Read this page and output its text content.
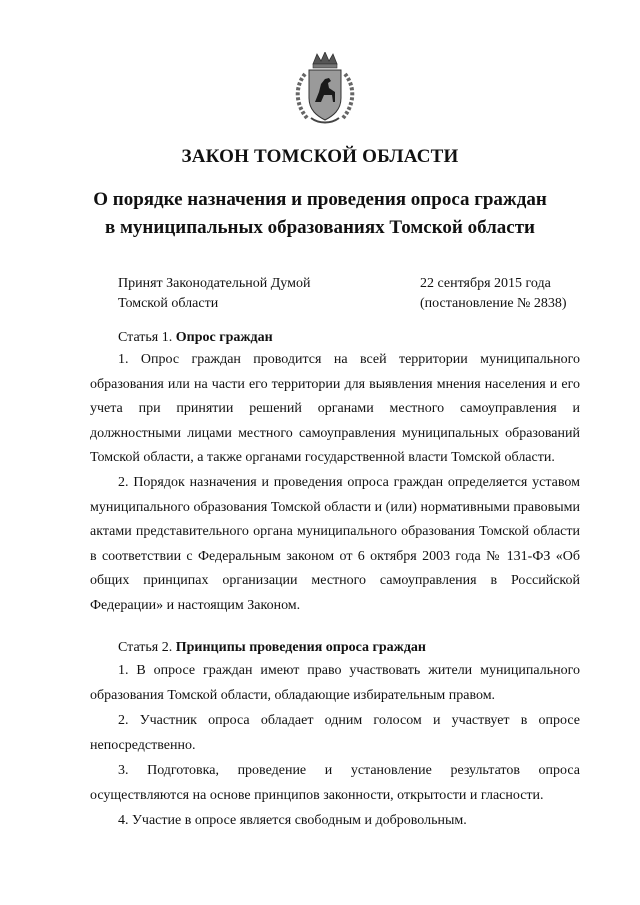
ЗАКОН ТОМСКОЙ ОБЛАСТИ
О порядке назначения и проведения опроса граждан
в муниципальных образованиях Томской области
Принят Законодательной Думой
Томской области
22 сентября 2015 года
(постановление № 2838)
Статья 1. Опрос граждан
1. Опрос граждан проводится на всей территории муниципального образования или на части его территории для выявления мнения населения и его учета при принятии решений органами местного самоуправления и должностными лицами местного самоуправления муниципальных образований Томской области, а также органами государственной власти Томской области.
2. Порядок назначения и проведения опроса граждан определяется уставом муниципального образования Томской области и (или) нормативными правовыми актами представительного органа муниципального образования Томской области в соответствии с Федеральным законом от 6 октября 2003 года № 131-ФЗ «Об общих принципах организации местного самоуправления в Российской Федерации» и настоящим Законом.
Статья 2. Принципы проведения опроса граждан
1. В опросе граждан имеют право участвовать жители муниципального образования Томской области, обладающие избирательным правом.
2. Участник опроса обладает одним голосом и участвует в опросе непосредственно.
3. Подготовка, проведение и установление результатов опроса осуществляются на основе принципов законности, открытости и гласности.
4. Участие в опросе является свободным и добровольным.
